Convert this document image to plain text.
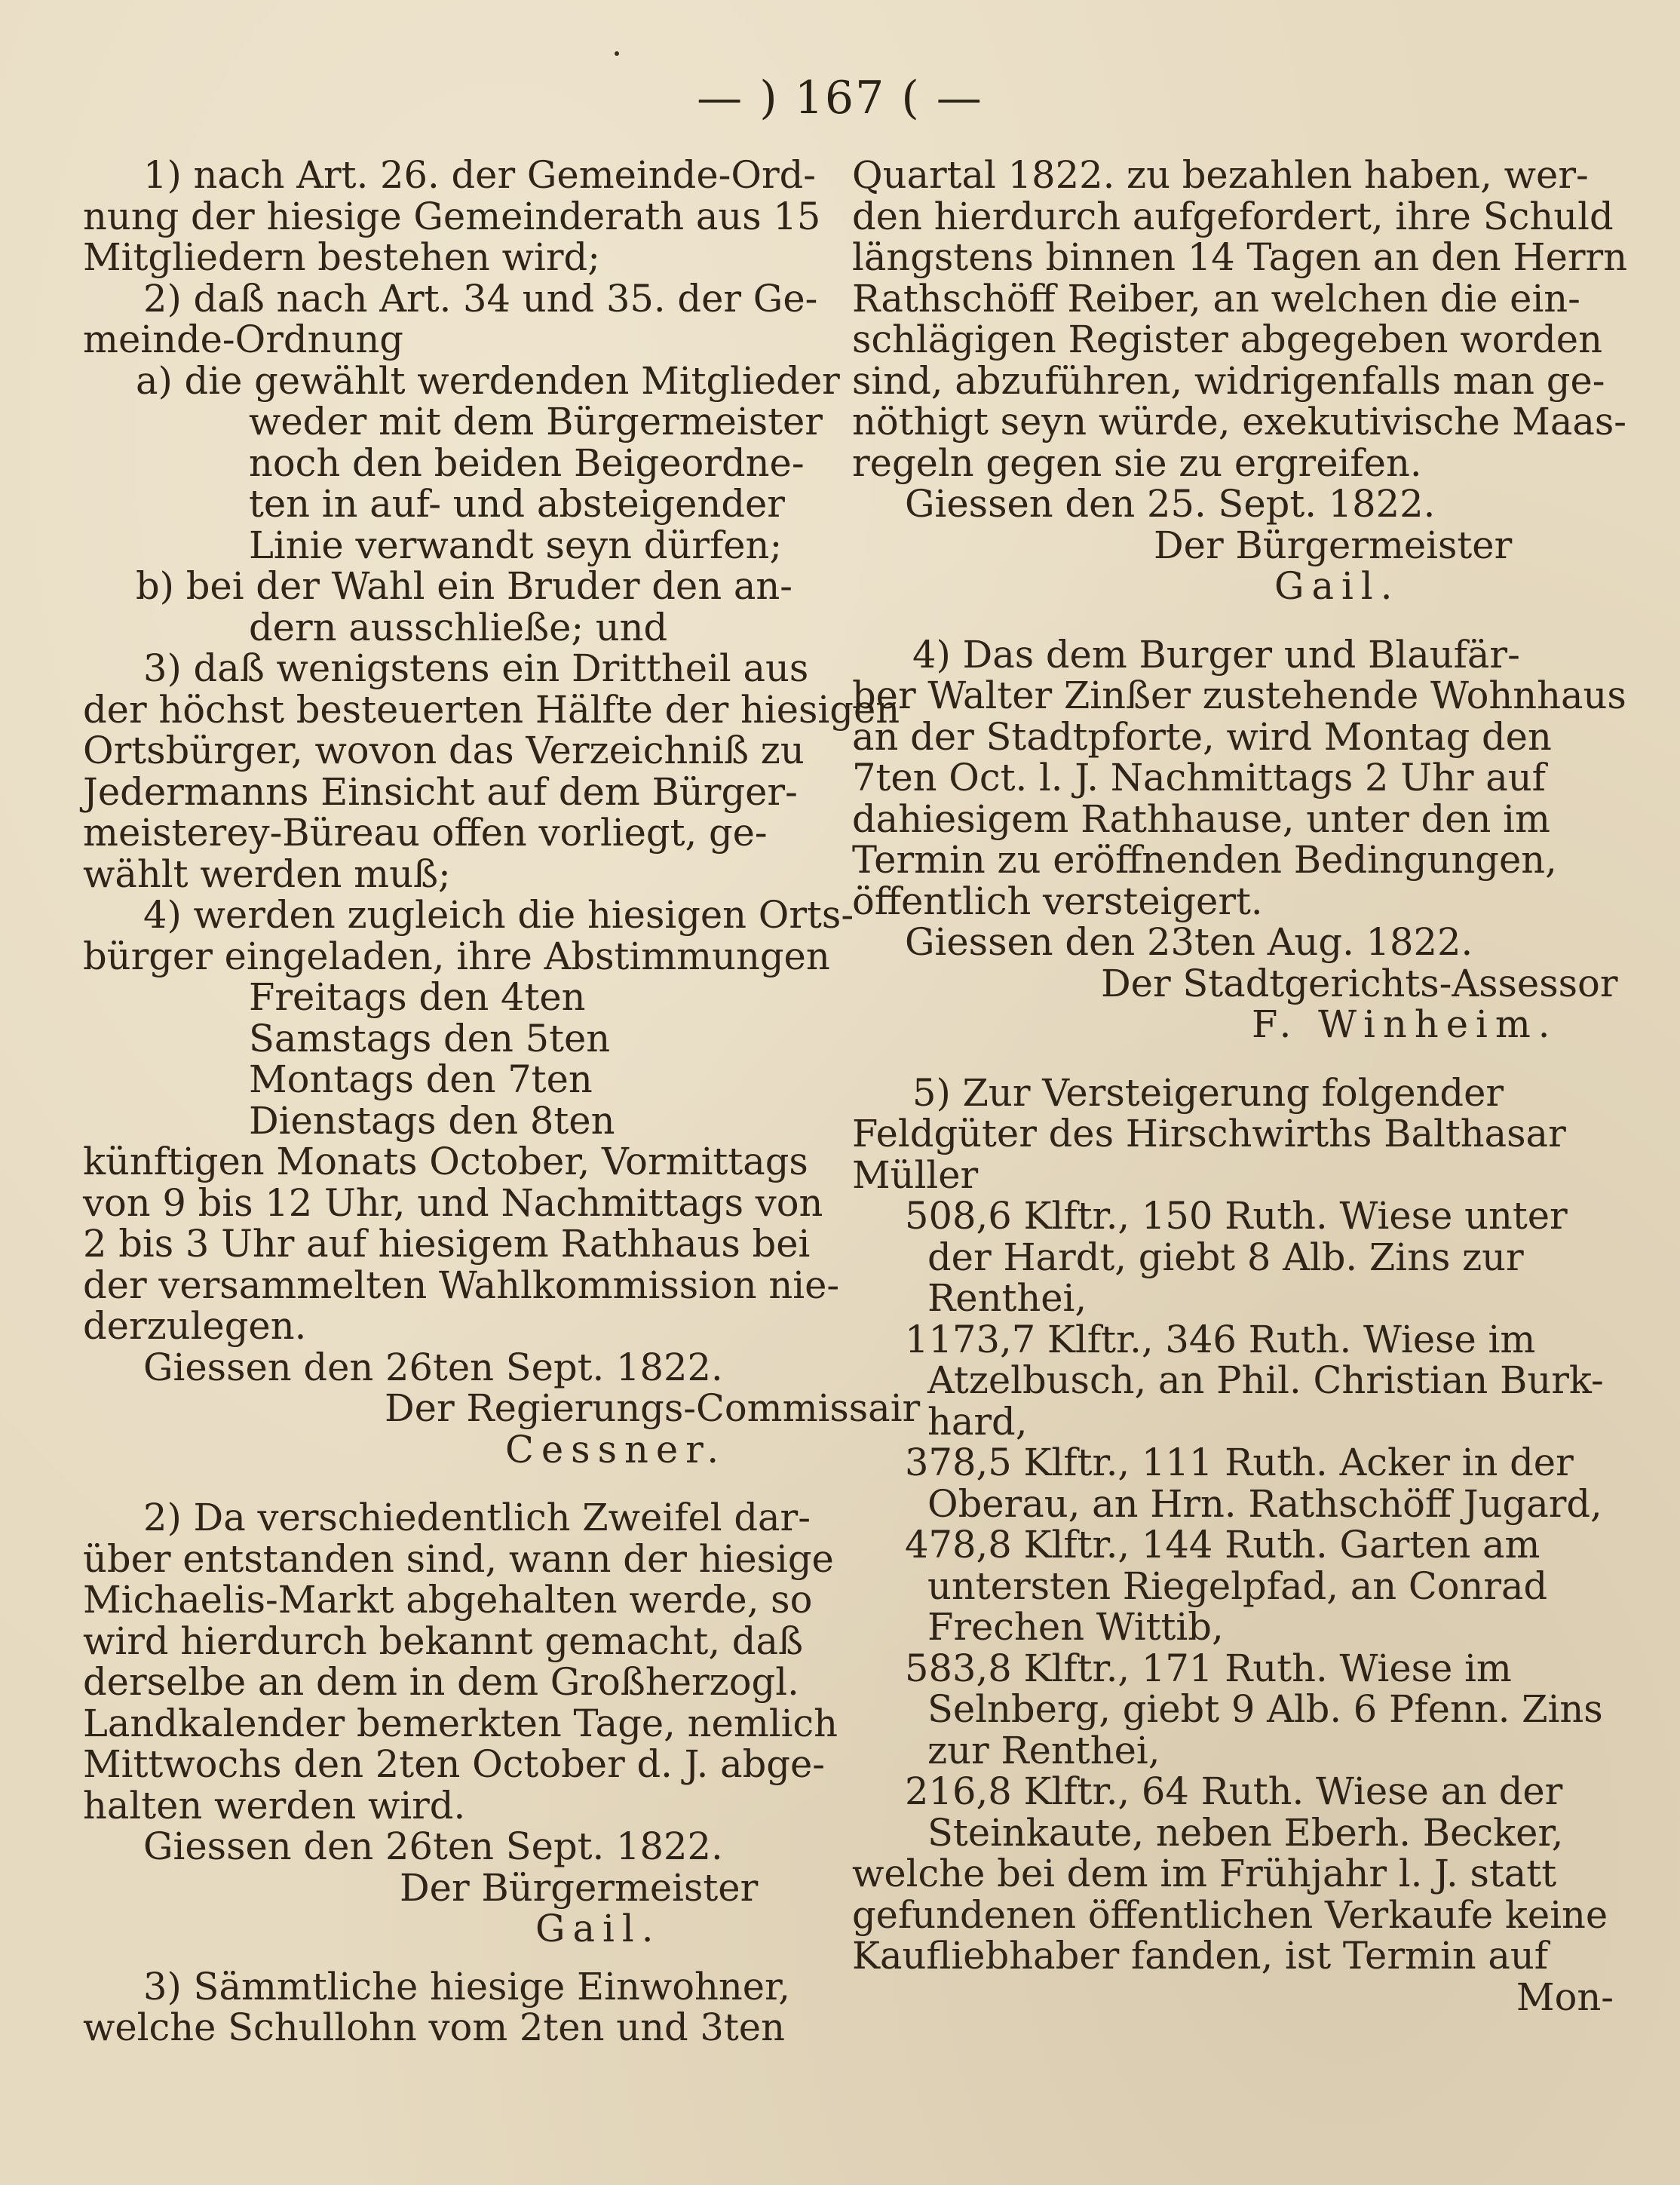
— ) 167 ( —
1) nach Art. 26. der Gemeinde-Ord-
nung der hiesige Gemeinderath aus 15
Mitgliedern bestehen wird;
2) daß nach Art. 34 und 35. der Ge-
meinde-Ordnung
a) die gewählt werdenden Mitglieder
weder mit dem Bürgermeister
noch den beiden Beigeordne-
ten in auf- und absteigender
Linie verwandt seyn dürfen;
b) bei der Wahl ein Bruder den an-
dern ausschließe; und
3) daß wenigstens ein Drittheil aus
der höchst besteuerten Hälfte der hiesigen
Ortsbürger, wovon das Verzeichniß zu
Jedermanns Einsicht auf dem Bürger-
meisterey-Büreau offen vorliegt, ge-
wählt werden muß;
4) werden zugleich die hiesigen Orts-
bürger eingeladen, ihre Abstimmungen
Freitags den 4ten
Samstags den 5ten
Montags den 7ten
Dienstags den 8ten
künftigen Monats October, Vormittags
von 9 bis 12 Uhr, und Nachmittags von
2 bis 3 Uhr auf hiesigem Rathhaus bei
der versammelten Wahlkommission nie-
derzulegen.
Giessen den 26ten Sept. 1822.
Der Regierungs-Commissair
Cessner.
2) Da verschiedentlich Zweifel dar-
über entstanden sind, wann der hiesige
Michaelis-Markt abgehalten werde, so
wird hierdurch bekannt gemacht, daß
derselbe an dem in dem Großherzogl.
Landkalender bemerkten Tage, nemlich
Mittwochs den 2ten October d. J. abge-
halten werden wird.
Giessen den 26ten Sept. 1822.
Der Bürgermeister
Gail.
3) Sämmtliche hiesige Einwohner,
welche Schullohn vom 2ten und 3ten
Quartal 1822. zu bezahlen haben, wer-
den hierdurch aufgefordert, ihre Schuld
längstens binnen 14 Tagen an den Herrn
Rathschöff Reiber, an welchen die ein-
schlägigen Register abgegeben worden
sind, abzuführen, widrigenfalls man ge-
nöthigt seyn würde, exekutivische Maas-
regeln gegen sie zu ergreifen.
Giessen den 25. Sept. 1822.
Der Bürgermeister
Gail.
4) Das dem Burger und Blaufär-
ber Walter Zinßer zustehende Wohnhaus
an der Stadtpforte, wird Montag den
7ten Oct. l. J. Nachmittags 2 Uhr auf
dahiesigem Rathhause, unter den im
Termin zu eröffnenden Bedingungen,
öffentlich versteigert.
Giessen den 23ten Aug. 1822.
Der Stadtgerichts-Assessor
F. Winheim.
5) Zur Versteigerung folgender
Feldgüter des Hirschwirths Balthasar
Müller
508,6 Klftr., 150 Ruth. Wiese unter
der Hardt, giebt 8 Alb. Zins zur
Renthei,
1173,7 Klftr., 346 Ruth. Wiese im
Atzelbusch, an Phil. Christian Burk-
hard,
378,5 Klftr., 111 Ruth. Acker in der
Oberau, an Hrn. Rathschöff Jugard,
478,8 Klftr., 144 Ruth. Garten am
untersten Riegelpfad, an Conrad
Frechen Wittib,
583,8 Klftr., 171 Ruth. Wiese im
Selnberg, giebt 9 Alb. 6 Pfenn. Zins
zur Renthei,
216,8 Klftr., 64 Ruth. Wiese an der
Steinkaute, neben Eberh. Becker,
welche bei dem im Frühjahr l. J. statt
gefundenen öffentlichen Verkaufe keine
Kaufliebhaber fanden, ist Termin auf
Mon-
